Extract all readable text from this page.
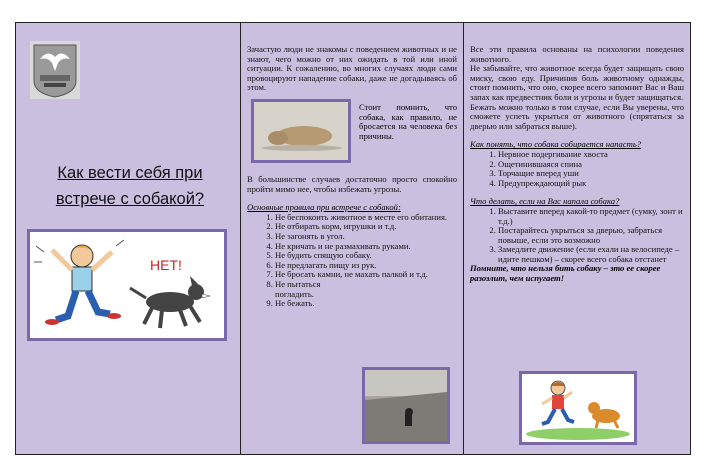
Как вести себя при
встрече с собакой?
НЕТ!

Зачастую люди не знакомы с поведением животных и не знают, чего можно от них ожидать в той или иной ситуации. К сожалению, во многих случаях люди сами провоцируют нападение собаки, даже не догадываясь об этом.

Стоит помнить, что собака, как правило, не бросается на человека без причины.

В большинстве случаев достаточно просто спокойно пройти мимо нее, чтобы избежать угрозы.

Основные правила при встрече с собакой:

1. Не беспокоить животное в месте его обитания.
2. Не отбирать корм, игрушки и т.д.
3. Не загонять в угол.
4. Не кричать и не размахивать руками.
5. Не будить спящую собаку.
6. Не предлагать пищу из рук.
7. Не бросать камни, не махать палкой и т.д.
8. Не пытаться погладить.
9. Не бежать.

Все эти правила основаны на психологии поведения животного.

Не забывайте, что животное всегда будет защищать свою миску, свою еду. Причинив боль животному однажды, стоит помнить, что оно, скорее всего запомнит Вас и Ваш запах как предвестник боли и угрозы и будет защищаться.

Бежать можно только в том случае, если Вы уверены, что сможете успеть укрыться от животного (спрятаться за дверью или забраться выше).

Как понять, что собака собирается напасть?

1. Нервное подергивание хвоста
2. Ощетинившаяся спина
3. Торчащие вперед уши
4. Предупреждающий рык

Что делать, если на Вас напала собака?

1. Выставите вперед какой-то предмет (сумку, зонт и т.д.)
2. Постарайтесь укрыться за дверью, забраться повыше, если это возможно
3. Замедлите движение (если ехали на велосипеде – идите пешком) – скорее всего собака отстанет

Помните, что нельзя бить собаку – это ее скорее разозлит, чем испугает!
